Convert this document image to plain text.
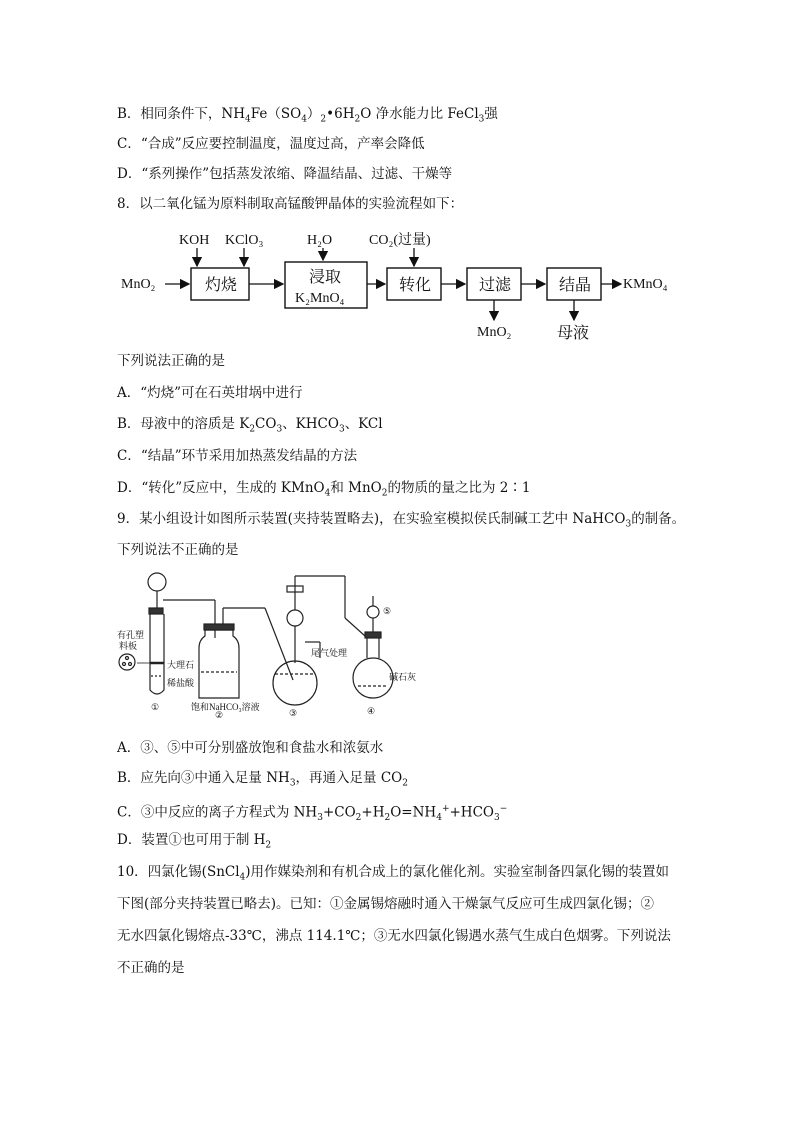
B．相同条件下，$NH_4Fe(SO_4)_2•6H_2O$ 净水能力比 FeCl$_3$强
C．“合成”反应要控制温度，温度过高，产率会降低
D．“系列操作”包括蒸发浓缩、降温结晶、过滤、干燥等
8．以二氧化锰为原料制取高锰酸钾晶体的实验流程如下：
MnO₂	灼烧
KOH KClO₃
浸取
K₂MnO₄
H₂O
转化
CO₂(过量)
过滤
MnO₂
结晶
母液
KMnO₄
下列说法正确的是
A．“灼烧”可在石英坩埚中进行
B．母液中的溶质是 $K_2CO_3$、$KHCO_3$、KCl
C．“结晶”环节采用加热蒸发结晶的方法
D．“转化”反应中，生成的 KMnO$_4$和 MnO$_2$的物质的量之比为 2∶1
9．某小组设计如图所示装置(夹持装置略去)，在实验室模拟侯氏制碱工艺中 NaHCO$_3$的制备。
下列说法不正确的是
有孔塑
料板
大理石
稀盐酸
饱和NaHCO₃溶液
尾气处理
碱石灰
①
②	③	④
⑤
A．③、⑤中可分别盛放饱和食盐水和浓氨水
B．应先向③中通入足量 $NH_3$，再通入足量 $CO_2$
C．③中反应的离子方程式为 $NH_3+CO_2+H_2O=NH_4^++HCO_3^-$
D．装置①也可用于制 $H_2$
10．四氯化锡(SnCl$_4$)用作媒染剂和有机合成上的氯化催化剂。实验室制备四氯化锡的装置如
下图(部分夹持装置已略去)。已知：①金属锡熔融时通入干燥氯气反应可生成四氯化锡；②
无水四氯化锡熔点-33℃，沸点 114.1℃；③无水四氯化锡遇水蒸气生成白色烟雾。下列说法
不正确的是
